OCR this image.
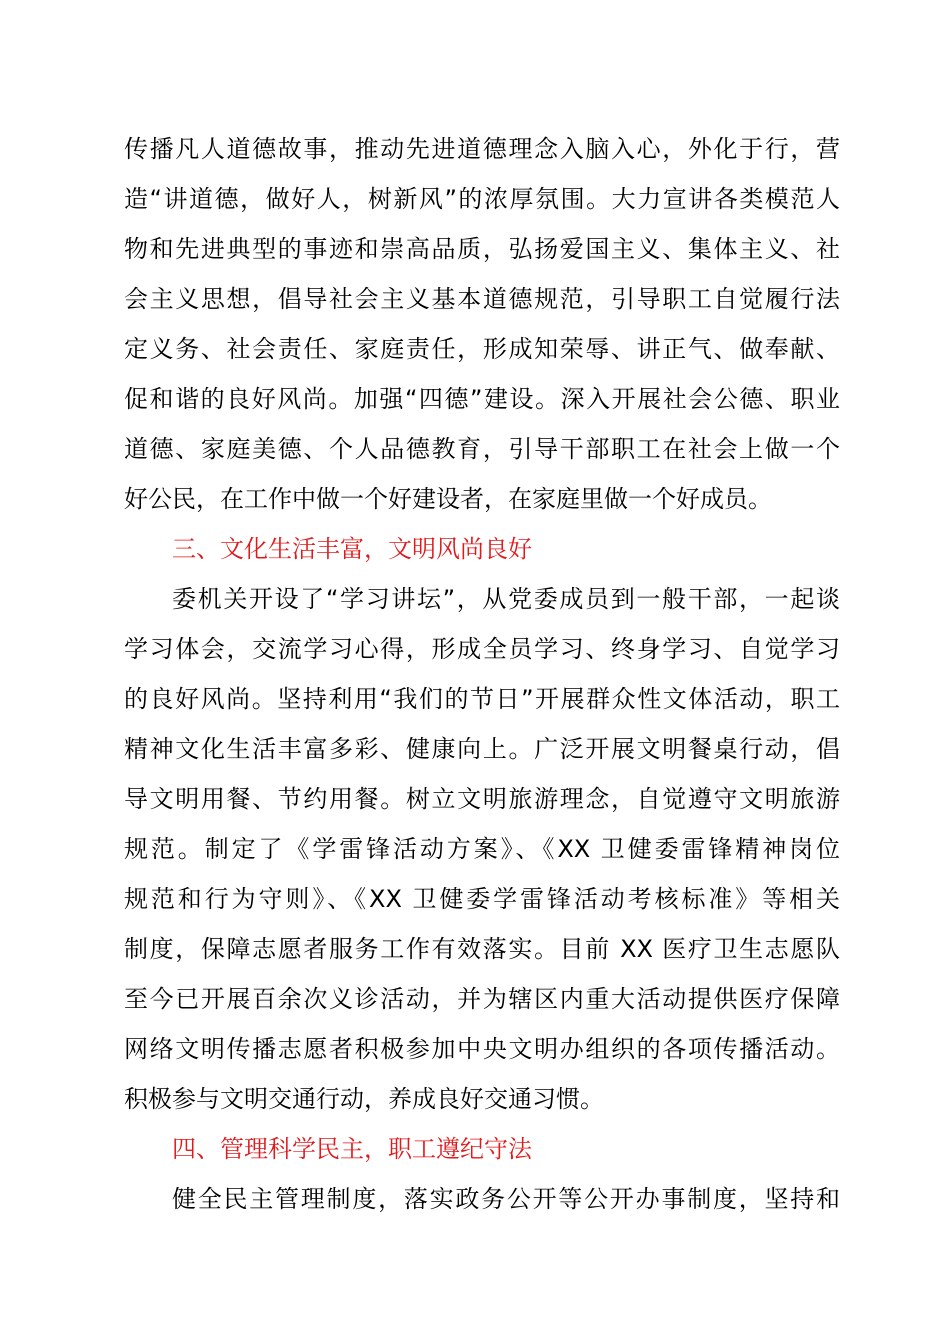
传播凡人道德故事，推动先进道德理念入脑入心，外化于行，营
造“讲道德，做好人，树新风”的浓厚氛围。大力宣讲各类模范人
物和先进典型的事迹和崇高品质，弘扬爱国主义、集体主义、社
会主义思想，倡导社会主义基本道德规范，引导职工自觉履行法
定义务、社会责任、家庭责任，形成知荣辱、讲正气、做奉献、
促和谐的良好风尚。加强“四德”建设。深入开展社会公德、职业
道德、家庭美德、个人品德教育，引导干部职工在社会上做一个
好公民，在工作中做一个好建设者，在家庭里做一个好成员。
三、文化生活丰富，文明风尚良好
委机关开设了“学习讲坛”，从党委成员到一般干部，一起谈
学习体会，交流学习心得，形成全员学习、终身学习、自觉学习
的良好风尚。坚持利用“我们的节日”开展群众性文体活动，职工
精神文化生活丰富多彩、健康向上。广泛开展文明餐桌行动，倡
导文明用餐、节约用餐。树立文明旅游理念，自觉遵守文明旅游
规范。制定了《学雷锋活动方案》、《XX 卫健委雷锋精神岗位
规范和行为守则》、《XX 卫健委学雷锋活动考核标准》等相关
制度，保障志愿者服务工作有效落实。目前 XX 医疗卫生志愿队
至今已开展百余次义诊活动，并为辖区内重大活动提供医疗保障
网络文明传播志愿者积极参加中央文明办组织的各项传播活动。
积极参与文明交通行动，养成良好交通习惯。
四、管理科学民主，职工遵纪守法
健全民主管理制度，落实政务公开等公开办事制度，坚持和
